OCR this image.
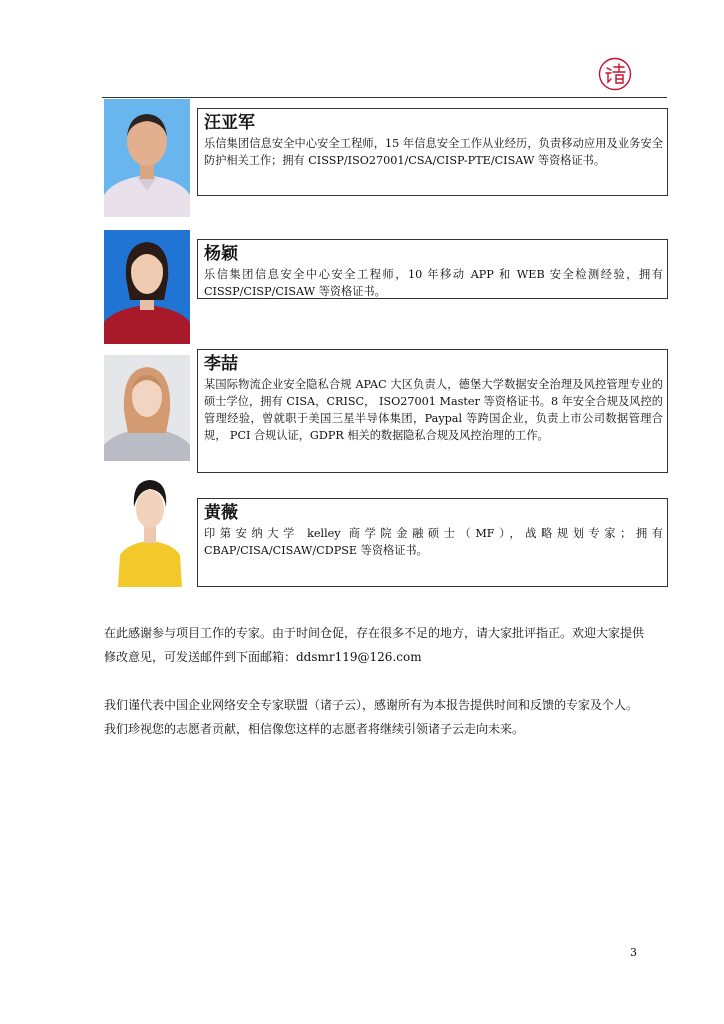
汪亚军

乐信集团信息安全中心安全工程师，15 年信息安全工作从业经历，负责移动应用及业务安全防护相关工作；拥有 CISSP/ISO27001/CSA/CISP-PTE/CISAW 等资格证书。

杨颖

乐信集团信息安全中心安全工程师，10 年移动 APP 和 WEB 安全检测经验，拥有 CISSP/CISP/CISAW 等资格证书。

李喆

某国际物流企业安全隐私合规 APAC 大区负责人，德堡大学数据安全治理及风控管理专业的硕士学位，拥有 CISA，CRISC， ISO27001 Master 等资格证书。8 年安全合规及风控的管理经验，曾就职于美国三星半导体集团，Paypal 等跨国企业，负责上市公司数据管理合规， PCI 合规认证，GDPR 相关的数据隐私合规及风控治理的工作。

黄薇

印第安纳大学 kelley 商学院金融硕士（MF），战略规划专家；拥有 CBAP/CISA/CISAW/CDPSE 等资格证书。

在此感谢参与项目工作的专家。由于时间仓促，存在很多不足的地方，请大家批评指正。欢迎大家提供修改意见，可发送邮件到下面邮箱：ddsmr119@126.com

我们谨代表中国企业网络安全专家联盟（诸子云），感谢所有为本报告提供时间和反馈的专家及个人。我们珍视您的志愿者贡献，相信像您这样的志愿者将继续引领诸子云走向未来。

3
